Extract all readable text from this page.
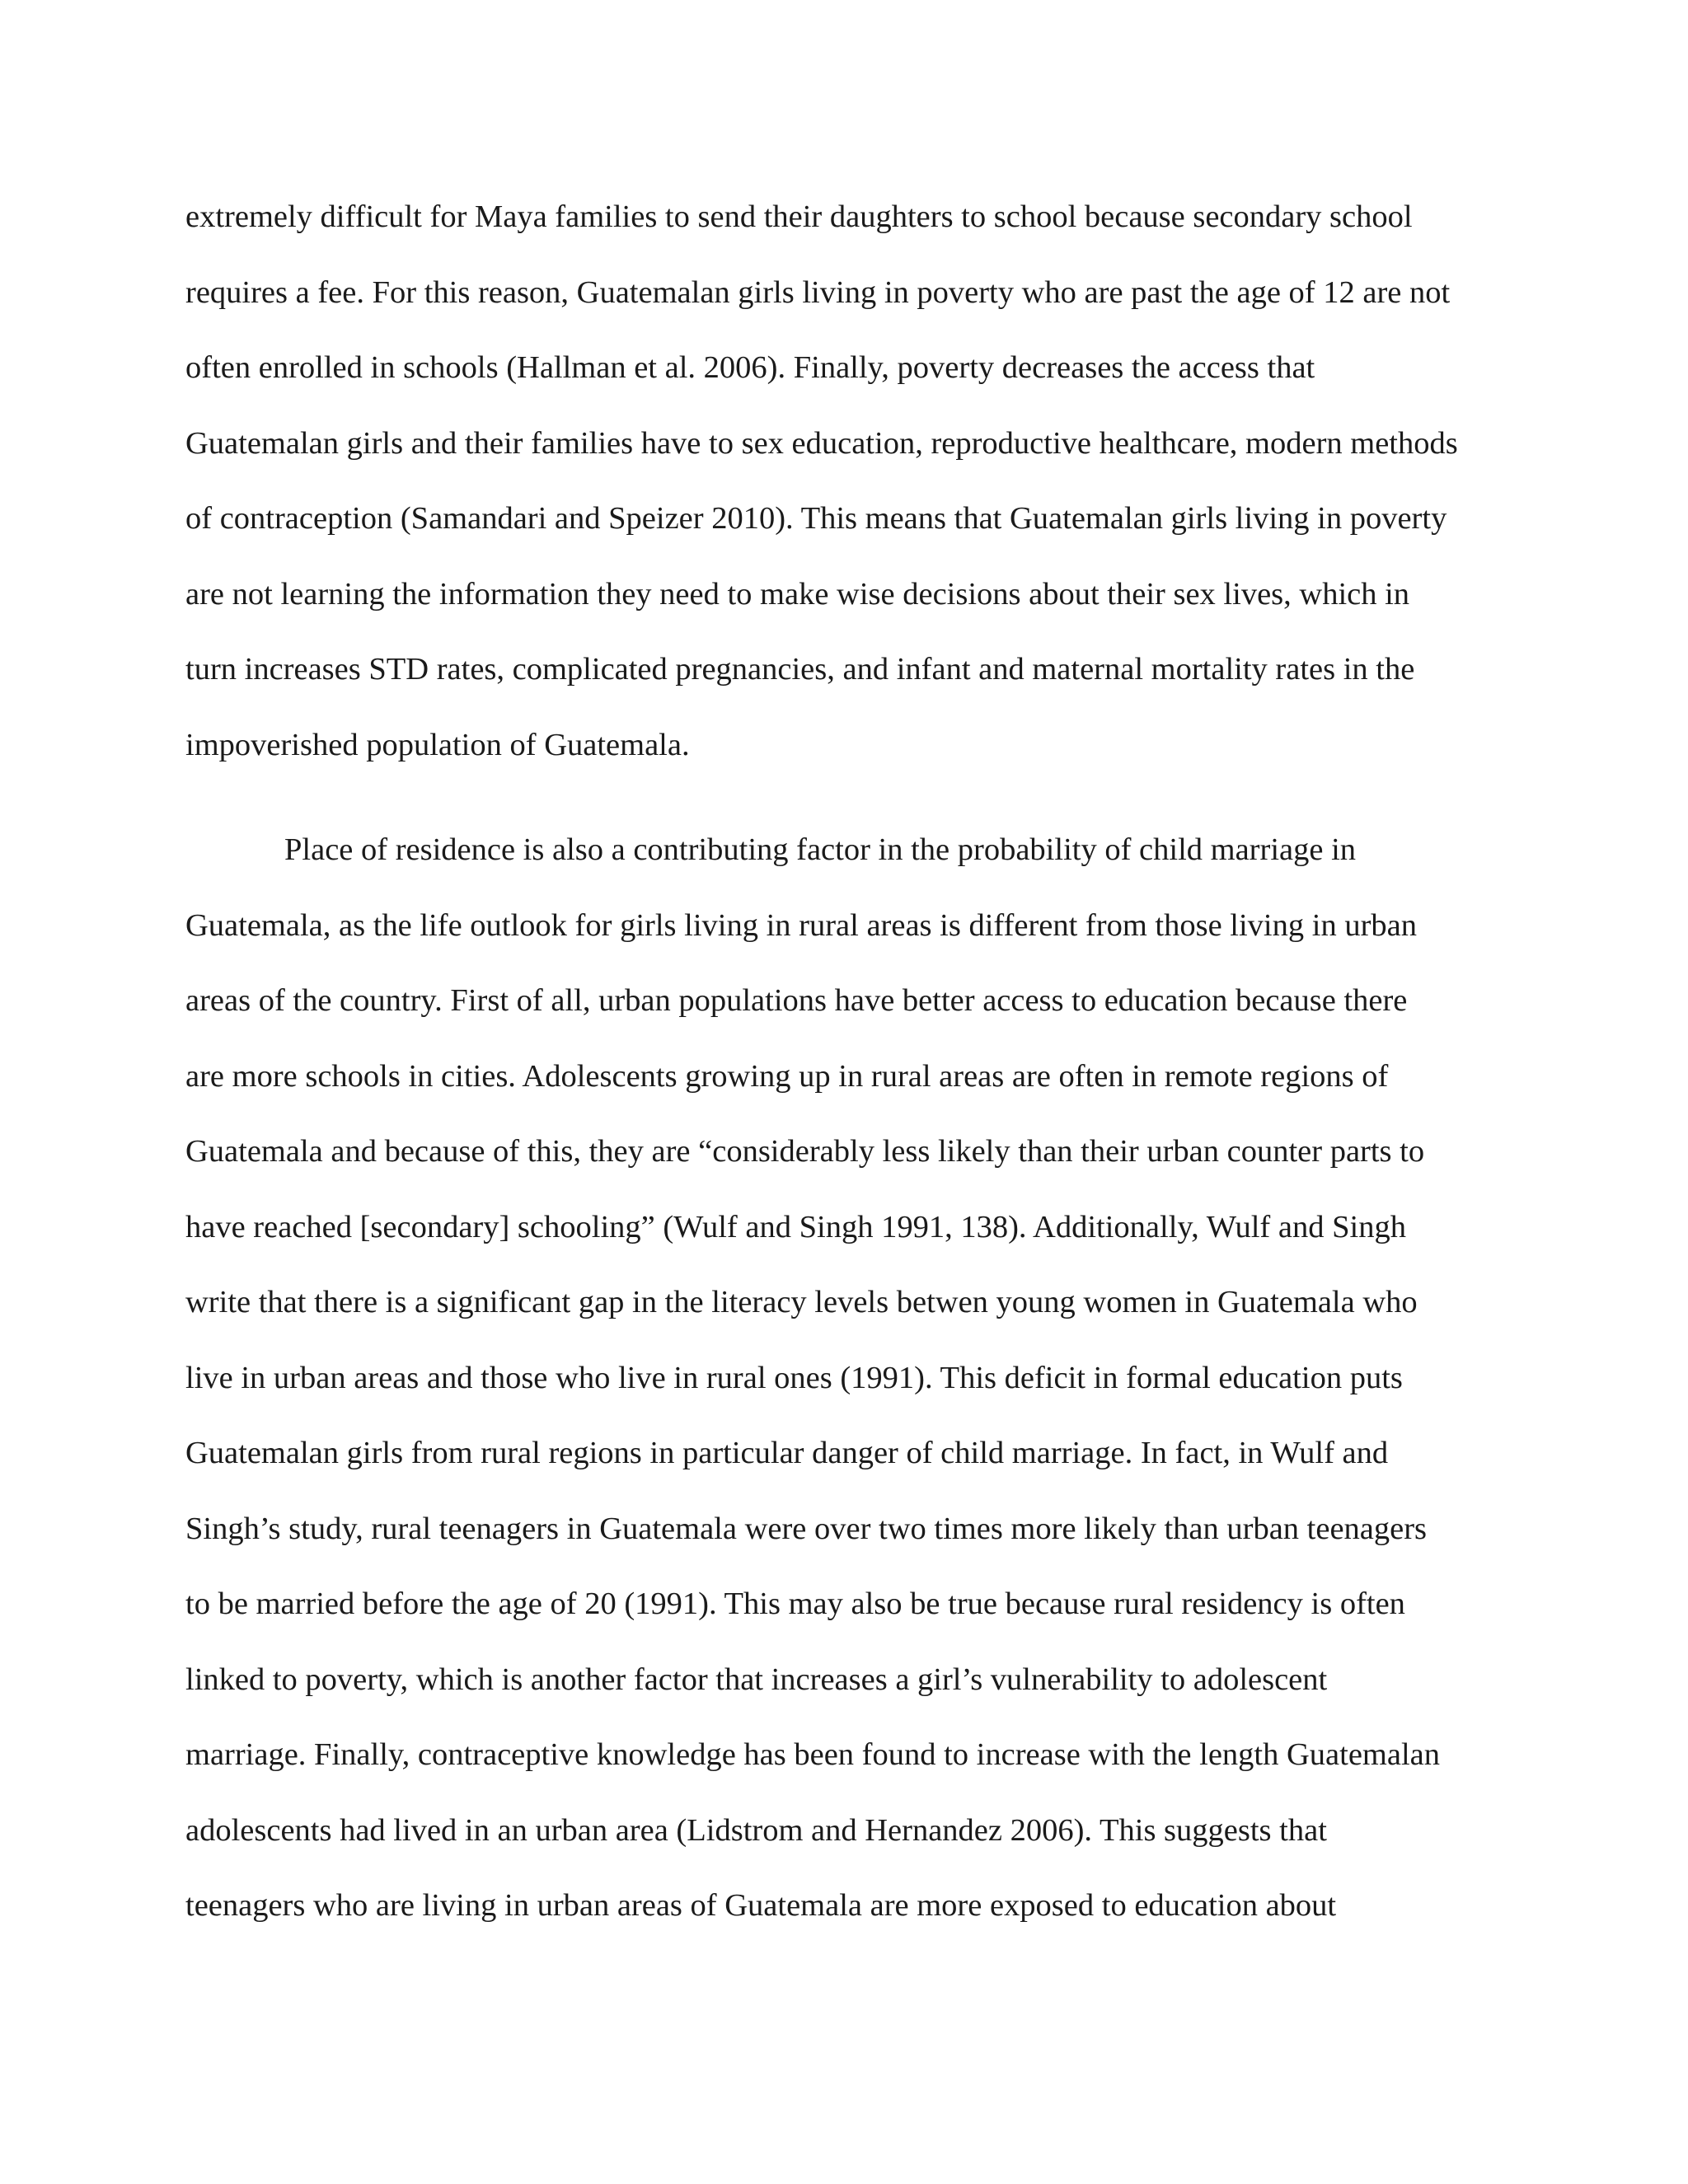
extremely difficult for Maya families to send their daughters to school because secondary school
requires a fee. For this reason, Guatemalan girls living in poverty who are past the age of 12 are not
often enrolled in schools (Hallman et al. 2006). Finally, poverty decreases the access that
Guatemalan girls and their families have to sex education, reproductive healthcare, modern methods
of contraception (Samandari and Speizer 2010). This means that Guatemalan girls living in poverty
are not learning the information they need to make wise decisions about their sex lives, which in
turn increases STD rates, complicated pregnancies, and infant and maternal mortality rates in the
impoverished population of Guatemala.
Place of residence is also a contributing factor in the probability of child marriage in
Guatemala, as the life outlook for girls living in rural areas is different from those living in urban
areas of the country. First of all, urban populations have better access to education because there
are more schools in cities. Adolescents growing up in rural areas are often in remote regions of
Guatemala and because of this, they are “considerably less likely than their urban counter parts to
have reached [secondary] schooling” (Wulf and Singh 1991, 138). Additionally, Wulf and Singh
write that there is a significant gap in the literacy levels betwen young women in Guatemala who
live in urban areas and those who live in rural ones (1991). This deficit in formal education puts
Guatemalan girls from rural regions in particular danger of child marriage. In fact, in Wulf and
Singh’s study, rural teenagers in Guatemala were over two times more likely than urban teenagers
to be married before the age of 20 (1991). This may also be true because rural residency is often
linked to poverty, which is another factor that increases a girl’s vulnerability to adolescent
marriage. Finally, contraceptive knowledge has been found to increase with the length Guatemalan
adolescents had lived in an urban area (Lidstrom and Hernandez 2006). This suggests that
teenagers who are living in urban areas of Guatemala are more exposed to education about
